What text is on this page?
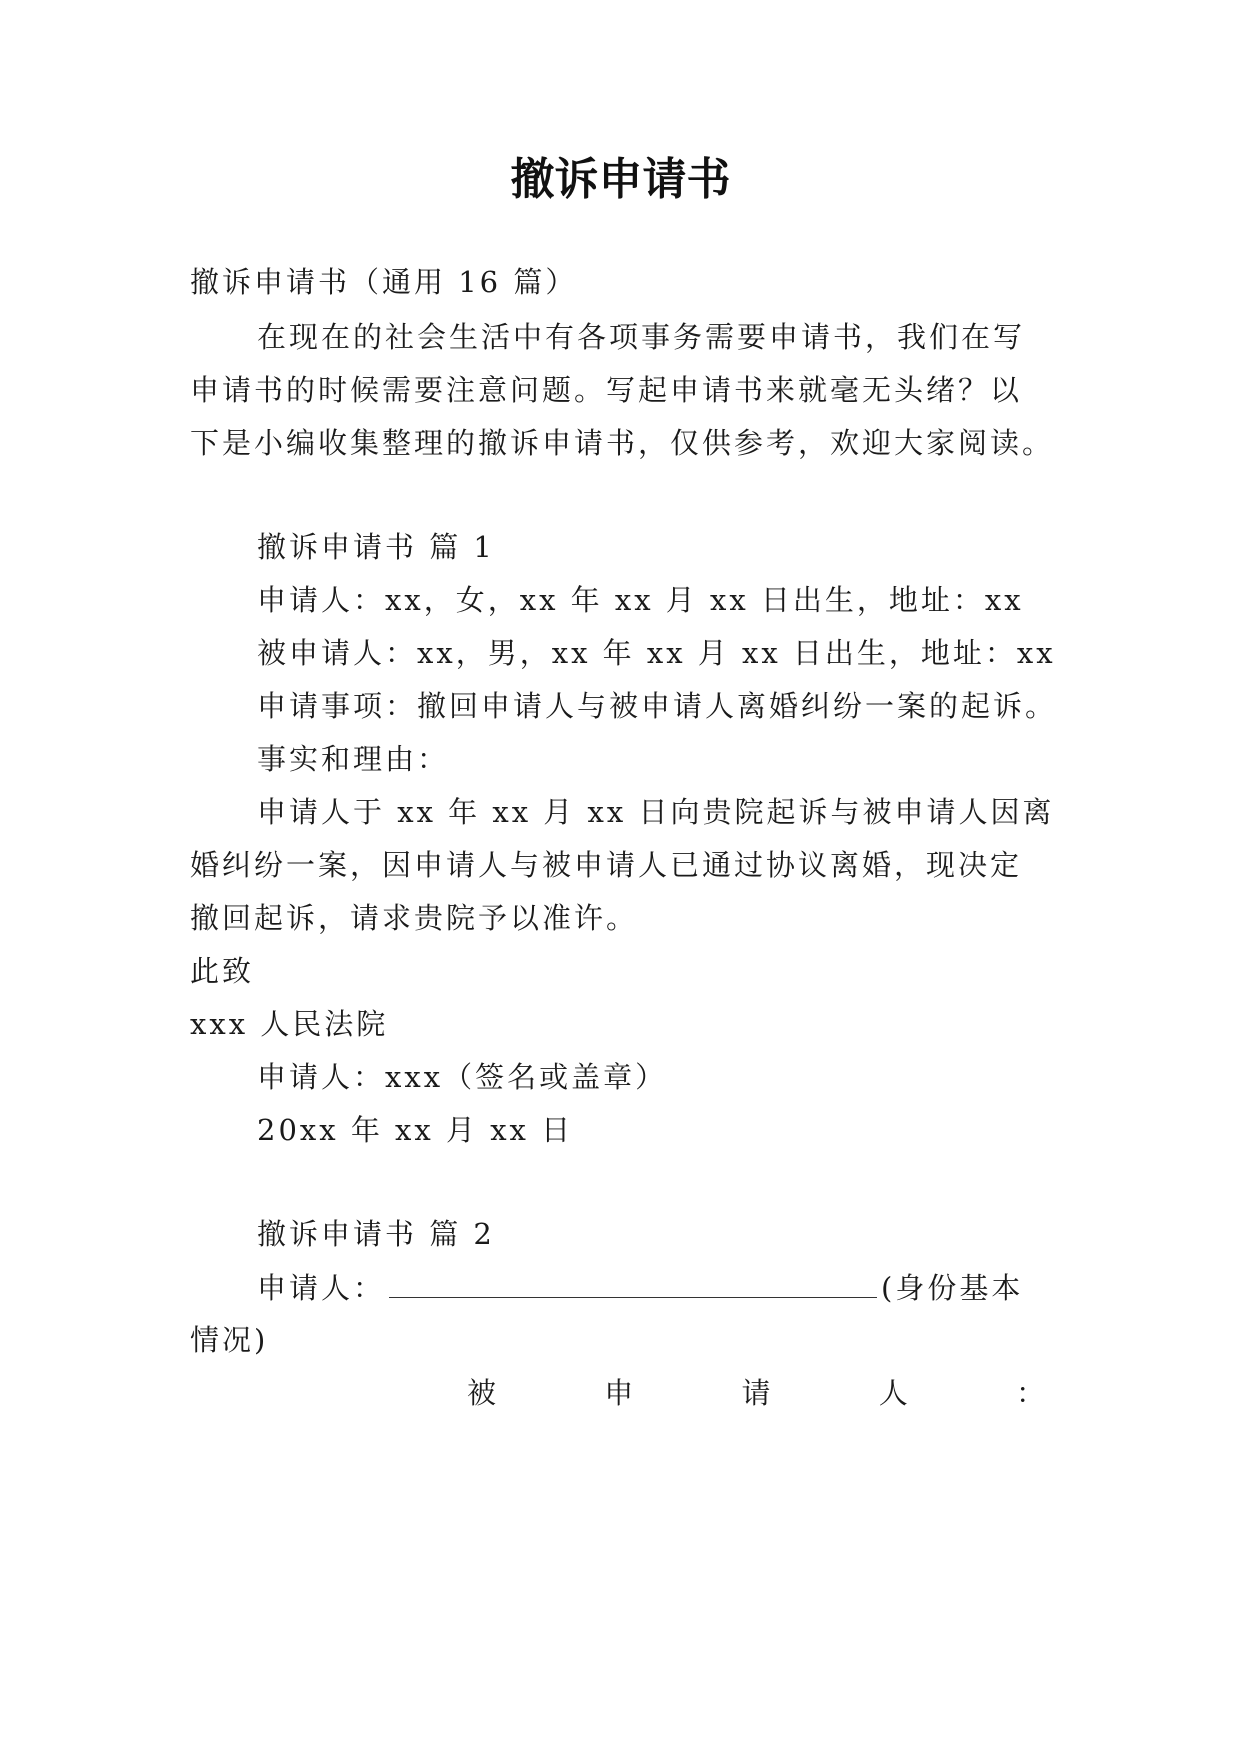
撤诉申请书
撤诉申请书（通用 16 篇）
在现在的社会生活中有各项事务需要申请书，我们在写
申请书的时候需要注意问题。写起申请书来就毫无头绪？以
下是小编收集整理的撤诉申请书，仅供参考，欢迎大家阅读。
撤诉申请书 篇 1
申请人：xx，女，xx 年 xx 月 xx 日出生，地址：xx
被申请人：xx，男，xx 年 xx 月 xx 日出生，地址：xx
申请事项：撤回申请人与被申请人离婚纠纷一案的起诉。
事实和理由：
申请人于 xx 年 xx 月 xx 日向贵院起诉与被申请人因离
婚纠纷一案，因申请人与被申请人已通过协议离婚，现决定
撤回起诉，请求贵院予以准许。
此致
xxx 人民法院
申请人：xxx（签名或盖章）
20xx 年 xx 月 xx 日
撤诉申请书 篇 2
申请人：	(身份基本
情况)
被	申	请	人	：
